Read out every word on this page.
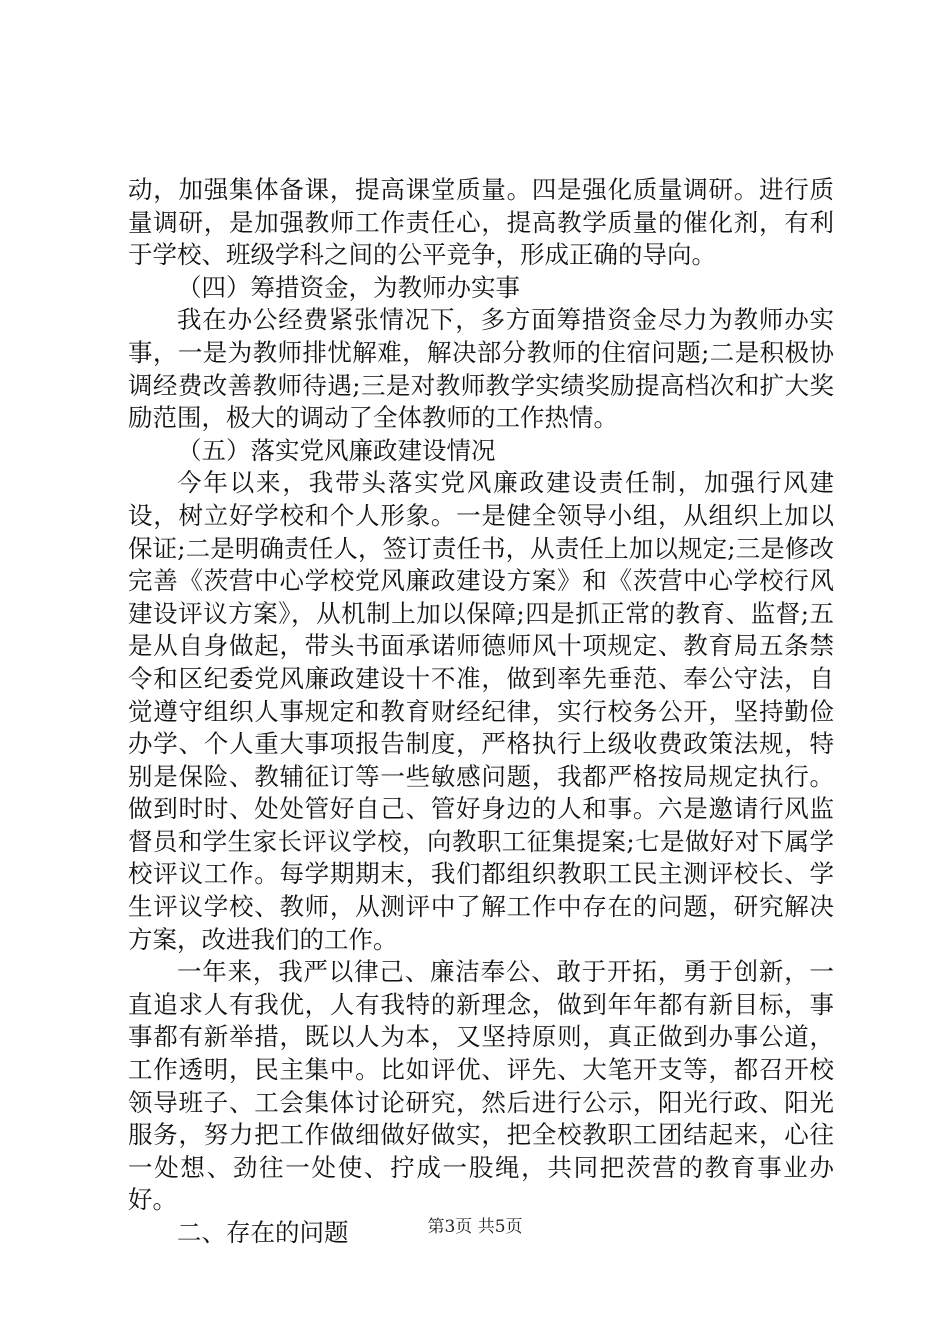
动，加强集体备课，提高课堂质量。四是强化质量调研。进行质量调研，是加强教师工作责任心，提高教学质量的催化剂，有利于学校、班级学科之间的公平竞争，形成正确的导向。

（四）筹措资金，为教师办实事

我在办公经费紧张情况下，多方面筹措资金尽力为教师办实事，一是为教师排忧解难，解决部分教师的住宿问题;二是积极协调经费改善教师待遇;三是对教师教学实绩奖励提高档次和扩大奖励范围，极大的调动了全体教师的工作热情。

（五）落实党风廉政建设情况

今年以来，我带头落实党风廉政建设责任制，加强行风建设，树立好学校和个人形象。一是健全领导小组，从组织上加以保证;二是明确责任人，签订责任书，从责任上加以规定;三是修改完善《茨营中心学校党风廉政建设方案》和《茨营中心学校行风建设评议方案》，从机制上加以保障;四是抓正常的教育、监督;五是从自身做起，带头书面承诺师德师风十项规定、教育局五条禁令和区纪委党风廉政建设十不准，做到率先垂范、奉公守法，自觉遵守组织人事规定和教育财经纪律，实行校务公开，坚持勤俭办学、个人重大事项报告制度，严格执行上级收费政策法规，特别是保险、教辅征订等一些敏感问题，我都严格按局规定执行。做到时时、处处管好自己、管好身边的人和事。六是邀请行风监督员和学生家长评议学校，向教职工征集提案;七是做好对下属学校评议工作。每学期期末，我们都组织教职工民主测评校长、学生评议学校、教师，从测评中了解工作中存在的问题，研究解决方案，改进我们的工作。

一年来，我严以律己、廉洁奉公、敢于开拓，勇于创新，一直追求人有我优，人有我特的新理念，做到年年都有新目标，事事都有新举措，既以人为本，又坚持原则，真正做到办事公道，工作透明，民主集中。比如评优、评先、大笔开支等，都召开校领导班子、工会集体讨论研究，然后进行公示，阳光行政、阳光服务，努力把工作做细做好做实，把全校教职工团结起来，心往一处想、劲往一处使、拧成一股绳，共同把茨营的教育事业办好。

二、存在的问题	第3页 共5页
